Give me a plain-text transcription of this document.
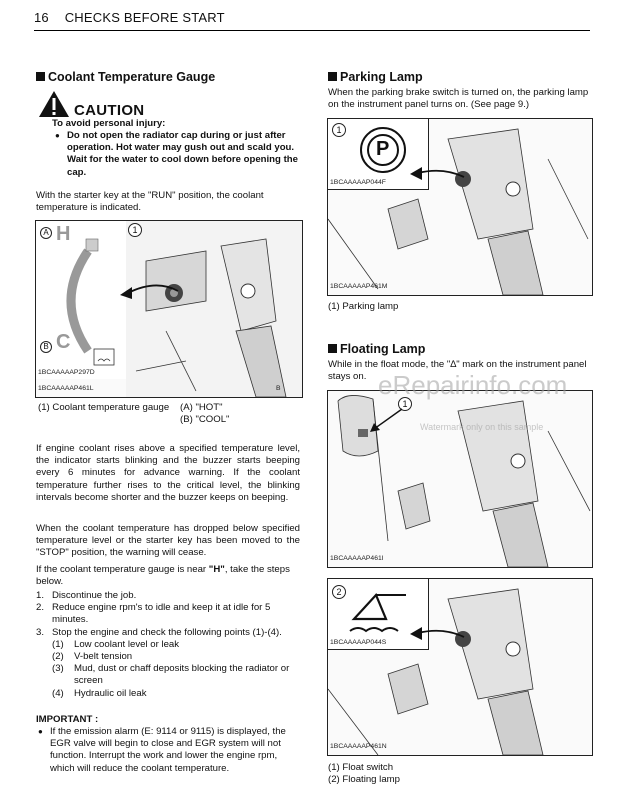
16 CHECKS BEFORE START
Coolant Temperature Gauge
CAUTION
To avoid personal injury:
● Do not open the radiator cap during or just after operation. Hot water may gush out and scald you. Wait for the water to cool down before opening the cap.
With the starter key at the "RUN" position, the coolant temperature is indicated.
A H
B C
1BCAAAAAP297D
1
1BCAAAAAP461L	B
(1) Coolant temperature gauge (A) "HOT"
(B) "COOL"
If engine coolant rises above a specified temperature level, the indicator starts blinking and the buzzer starts beeping every 6 minutes for advance warning. If the coolant temperature further rises to the critical level, the blinking intervals become shorter and the buzzer keeps on beeping.
When the coolant temperature has dropped below specified temperature level or the starter key has been moved to the "STOP" position, the warning will cease.
If the coolant temperature gauge is near "H", take the steps below.
1. Discontinue the job.
2. Reduce engine rpm's to idle and keep it at idle for 5 minutes.
3. Stop the engine and check the following points (1)-(4).
(1) Low coolant level or leak
(2) V-belt tension
(3) Mud, dust or chaff deposits blocking the radiator or screen
(4) Hydraulic oil leak
IMPORTANT :
● If the emission alarm (E: 9114 or 9115) is displayed, the EGR valve will begin to close and EGR system will not function. Interrupt the work and lower the engine rpm, which will reduce the coolant temperature.
Parking Lamp
When the parking brake switch is turned on, the parking lamp on the instrument panel turns on. (See page 9.)
1
P
1BCAAAAAP044F
1BCAAAAAP461M
(1) Parking lamp
Floating Lamp
While in the float mode, the "∆" mark on the instrument panel stays on.
1
1BCAAAAAP461I
2
1BCAAAAAP044S
1BCAAAAAP461N
(1) Float switch
(2) Floating lamp
eRepairinfo.com
Watermark only on this sample
